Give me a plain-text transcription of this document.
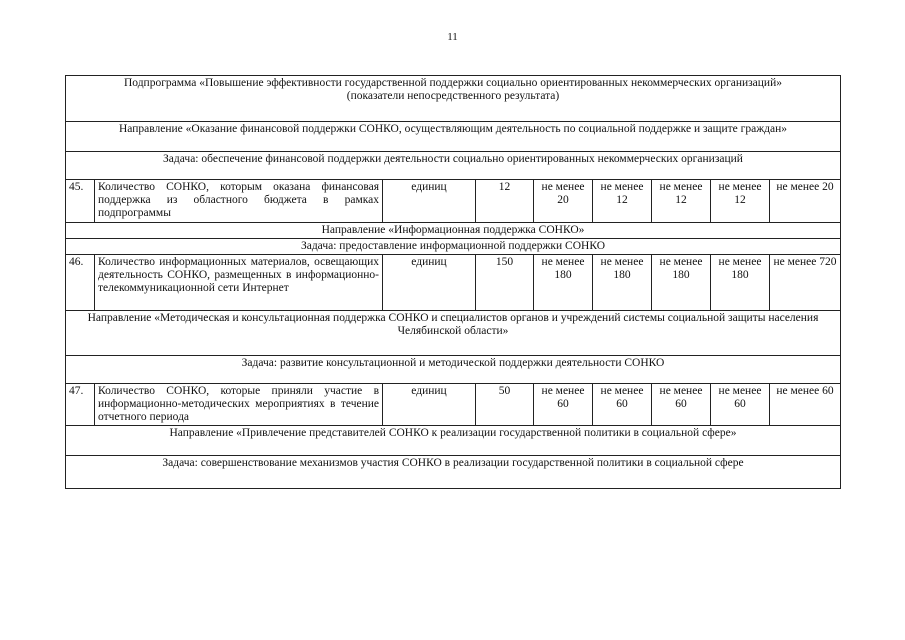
11
Подпрограмма «Повышение эффективности государственной поддержки социально ориентированных некоммерческих организаций»
(показатели непосредственного результата)								

Направление «Оказание финансовой поддержки СОНКО, осуществляющим деятельность по социальной поддержке и защите граждан»								
Задача: обеспечение финансовой поддержки деятельности социально ориентированных некоммерческих организаций								
45.	Количество СОНКО, которым оказана финансовая поддержка из областного бюджета в рамках подпрограммы	единиц	12	не менее 20	не менее 12	не менее 12	не менее 12	не менее 20
Направление «Информационная поддержка СОНКО»								
Задача: предоставление информационной поддержки СОНКО								
46.	Количество информационных материалов, освещающих деятельность СОНКО, размещенных в информационно-телекоммуникационной сети Интернет	единиц	150	не менее 180	не менее 180	не менее 180	не менее 180	не менее 720
Направление «Методическая и консультационная поддержка СОНКО и специалистов органов и учреждений системы социальной защиты населения Челябинской области»								
Задача: развитие консультационной и методической поддержки деятельности СОНКО								
47.	Количество СОНКО, которые приняли участие в информационно-методических мероприятиях в течение отчетного периода	единиц	50	не менее 60	не менее 60	не менее 60	не менее 60	не менее 60
Направление «Привлечение представителей СОНКО к реализации государственной политики в социальной сфере»								
Задача: совершенствование механизмов участия СОНКО в реализации государственной политики в социальной сфере								
